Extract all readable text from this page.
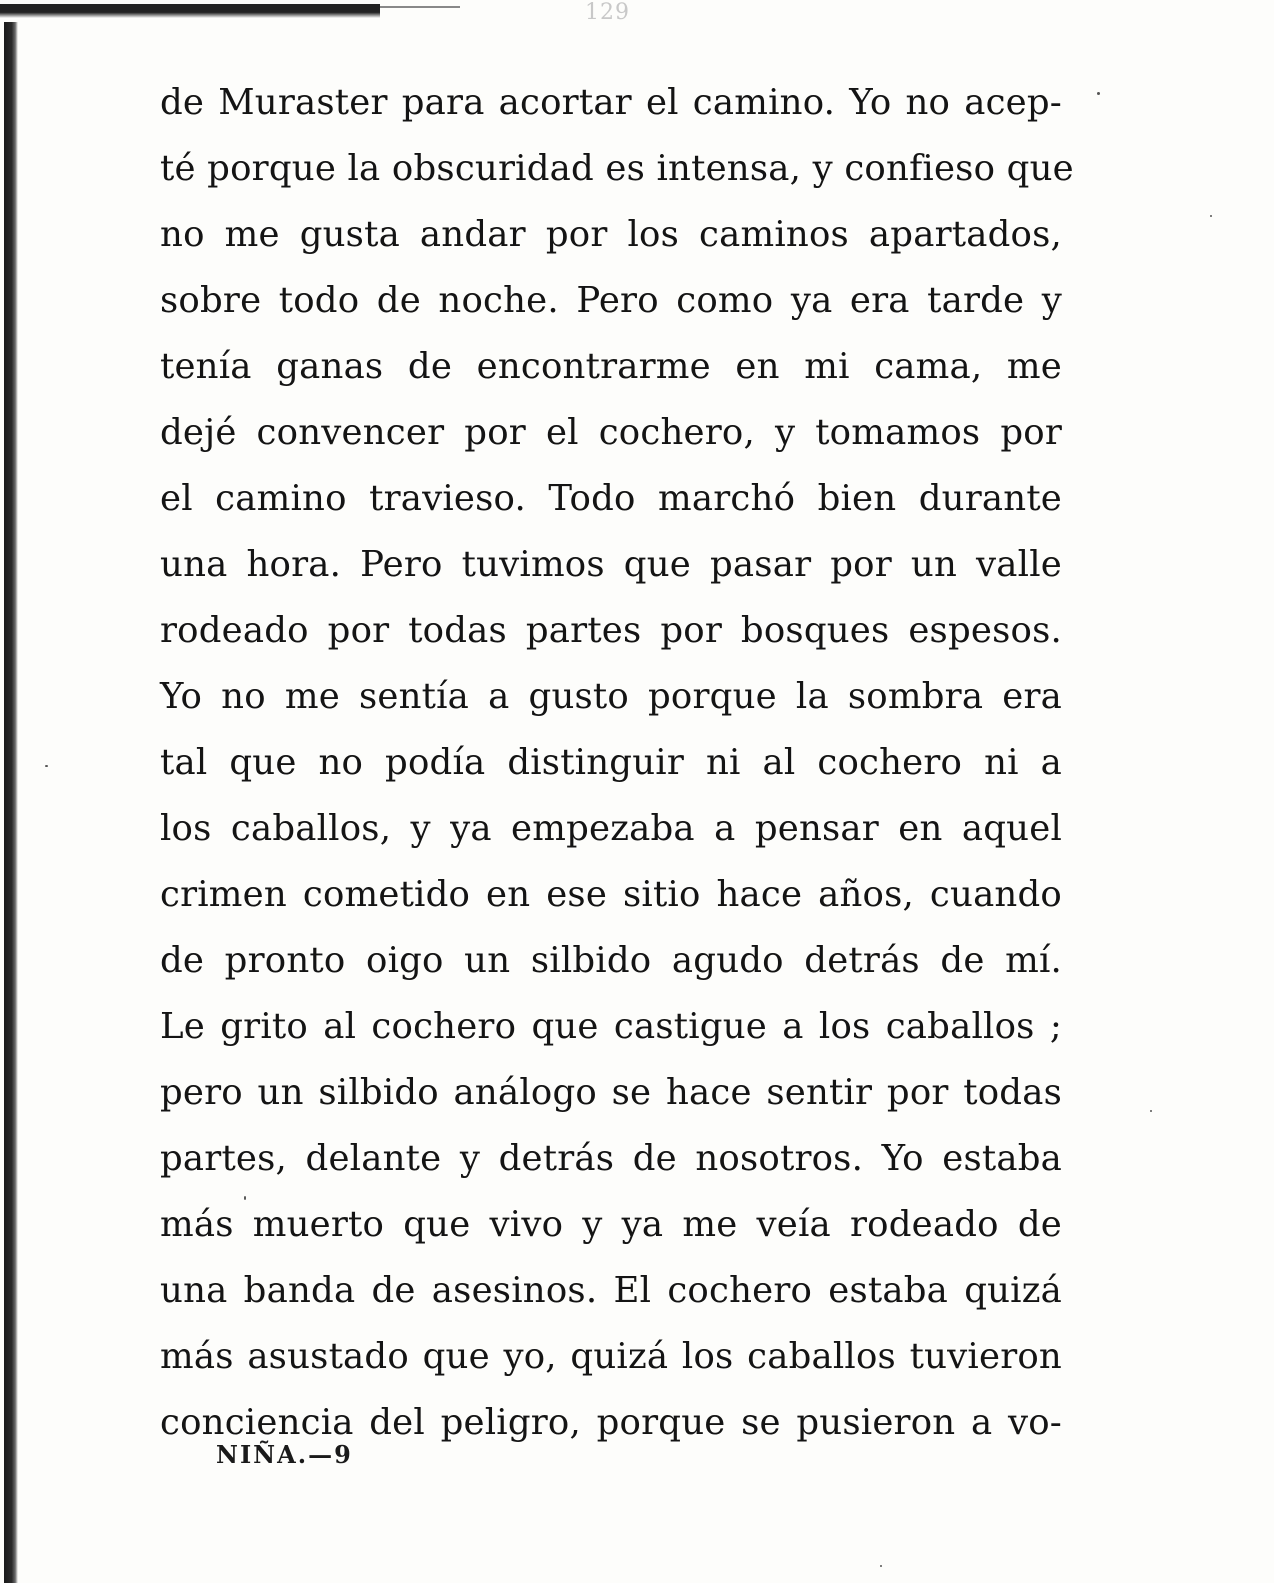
129
de Muraster para acortar el camino. Yo no acep-
té porque la obscuridad es intensa, y confieso que
no me gusta andar por los caminos apartados,
sobre todo de noche. Pero como ya era tarde y
tenía ganas de encontrarme en mi cama, me
dejé convencer por el cochero, y tomamos por
el camino travieso. Todo marchó bien durante
una hora. Pero tuvimos que pasar por un valle
rodeado por todas partes por bosques espesos.
Yo no me sentía a gusto porque la sombra era
tal que no podía distinguir ni al cochero ni a
los caballos, y ya empezaba a pensar en aquel
crimen cometido en ese sitio hace años, cuando
de pronto oigo un silbido agudo detrás de mí.
Le grito al cochero que castigue a los caballos ;
pero un silbido análogo se hace sentir por todas
partes, delante y detrás de nosotros. Yo estaba
más muerto que vivo y ya me veía rodeado de
una banda de asesinos. El cochero estaba quizá
más asustado que yo, quizá los caballos tuvieron
conciencia del peligro, porque se pusieron a vo-
NIÑA.—9
